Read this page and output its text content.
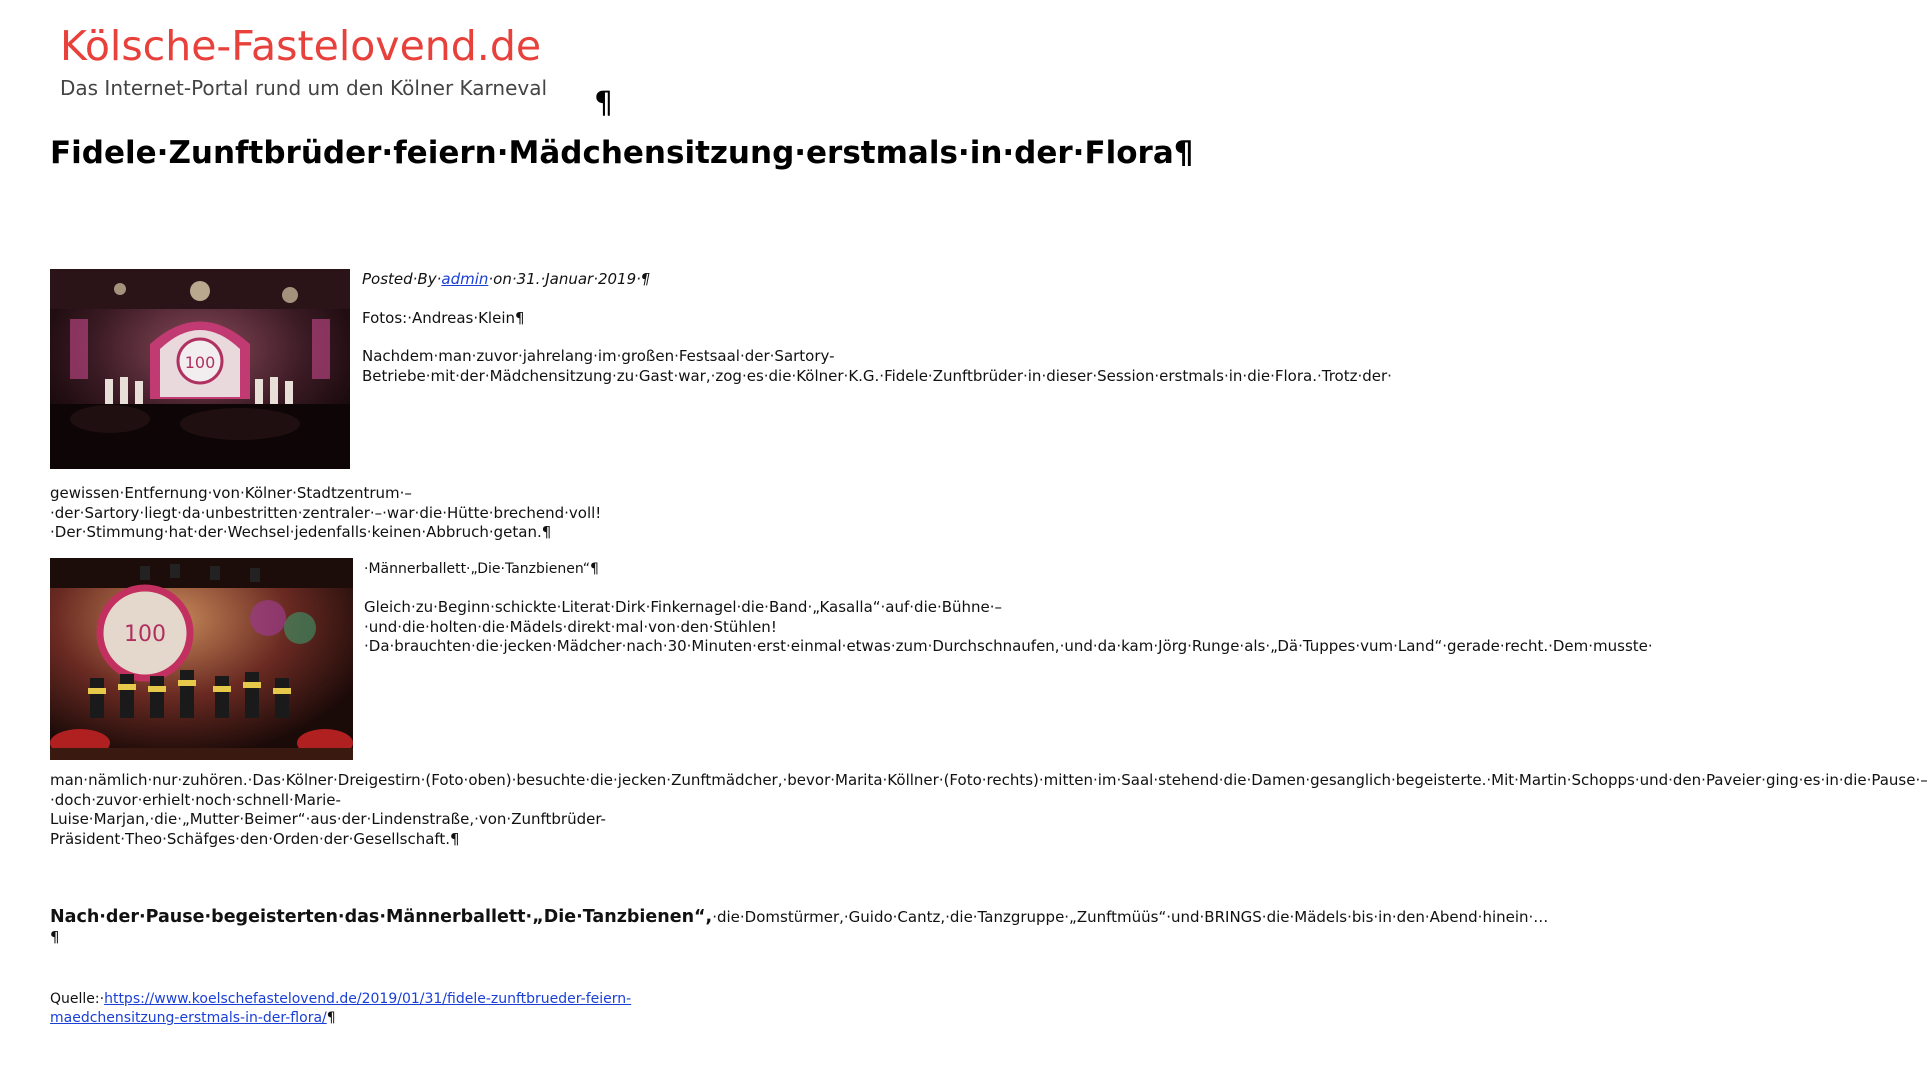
Kölsche-Fastelovend.de
Das Internet-Portal rund um den Kölner Karneval ¶
Fidele·Zunftbrüder·feiern·Mädchensitzung·erstmals·in·der·Flora¶
100

Posted·By·admin·on·31.·Januar·2019·¶

Fotos:·Andreas·Klein¶

Nachdem·man·zuvor·jahrelang·im·großen·Festsaal·der·Sartory-Betriebe·mit·der·Mädchensitzung·zu·Gast·war,·zog·es·die·Kölner·K.G.·Fidele·Zunftbrüder·in·dieser·Session·erstmals·in·die·Flora.·Trotz·der·

gewissen·Entfernung·von·Kölner·Stadtzentrum·–·der·Sartory·liegt·da·unbestritten·zentraler·–·war·die·Hütte·brechend·voll!·Der·Stimmung·hat·der·Wechsel·jedenfalls·keinen·Abbruch·getan.¶
100
·Männerballett·„Die·Tanzbienen“¶
Gleich·zu·Beginn·schickte·Literat·Dirk·Finkernagel·die·Band·„Kasalla“·auf·die·Bühne·–·und·die·holten·die·Mädels·direkt·mal·von·den·Stühlen!·Da·brauchten·die·jecken·Mädcher·nach·30·Minuten·erst·einmal·etwas·zum·Durchschnaufen,·und·da·kam·Jörg·Runge·als·„Dä·Tuppes·vum·Land“·gerade·recht.·Dem·musste·
man·nämlich·nur·zuhören.·Das·Kölner·Dreigestirn·(Foto·oben)·besuchte·die·jecken·Zunftmädcher,·bevor·Marita·Köllner·(Foto·rechts)·mitten·im·Saal·stehend·die·Damen·gesanglich·begeisterte.·Mit·Martin·Schopps·und·den·Paveier·ging·es·in·die·Pause·–·doch·zuvor·erhielt·noch·schnell·Marie-Luise·Marjan,·die·„Mutter·Beimer“·aus·der·Lindenstraße,·von·Zunftbrüder-Präsident·Theo·Schäfges·den·Orden·der·Gesellschaft.¶
Nach·der·Pause·begeisterten·das·Männerballett·„Die·Tanzbienen“,·die·Domstürmer,·Guido·Cantz,·die·Tanzgruppe·„Zunftmüüs“·und·BRINGS·die·Mädels·bis·in·den·Abend·hinein·…¶
Quelle:·https://www.koelschefastelovend.de/2019/01/31/fidele-zunftbrueder-feiern-maedchensitzung-erstmals-in-der-flora/¶
